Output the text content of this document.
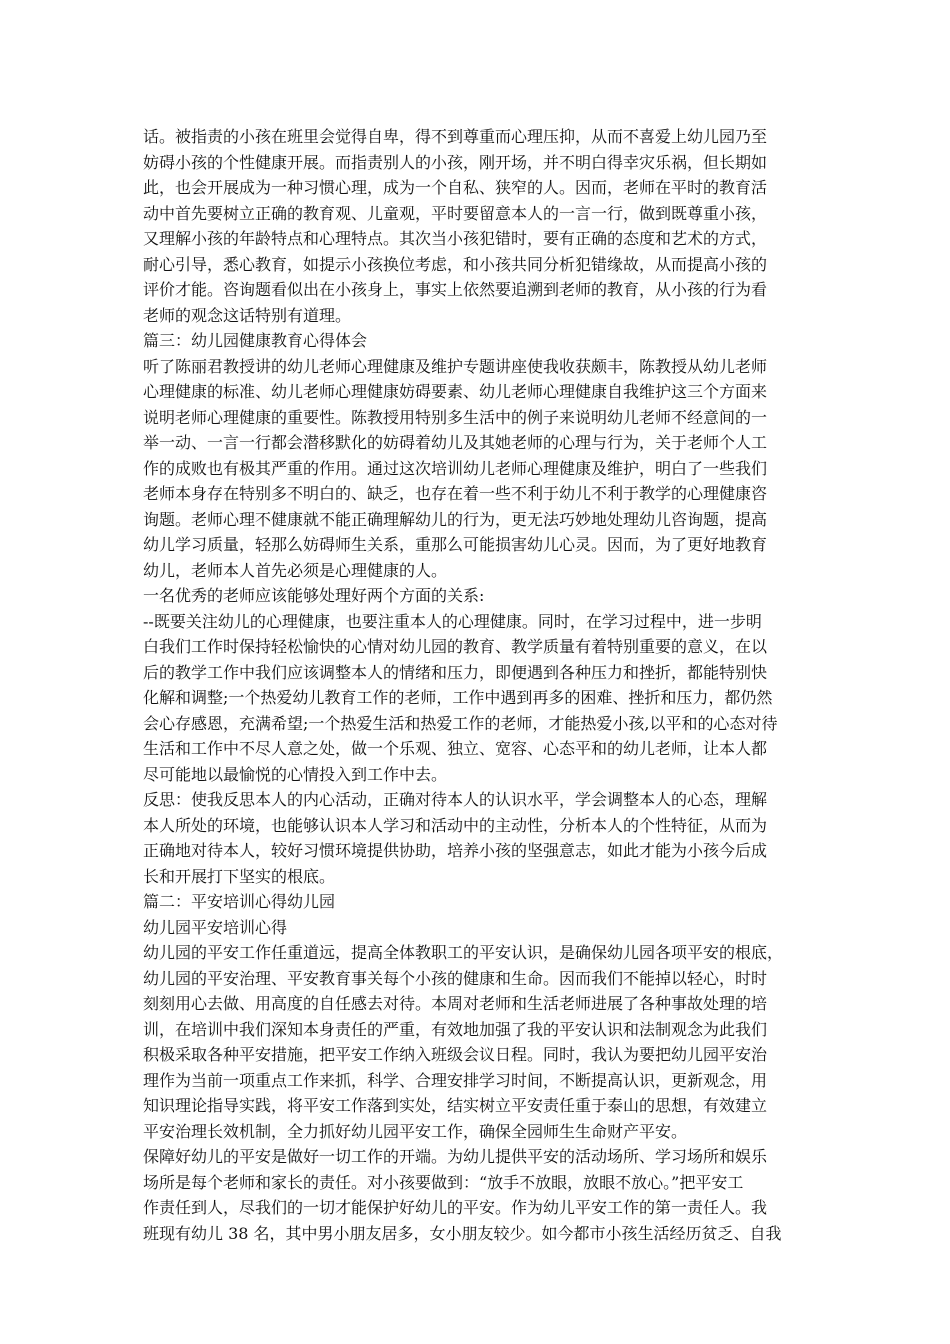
话。被指责的小孩在班里会觉得自卑，得不到尊重而心理压抑，从而不喜爱上幼儿园乃至
妨碍小孩的个性健康开展。而指责别人的小孩，刚开场，并不明白得幸灾乐祸，但长期如
此，也会开展成为一种习惯心理，成为一个自私、狭窄的人。因而，老师在平时的教育活
动中首先要树立正确的教育观、儿童观，平时要留意本人的一言一行，做到既尊重小孩，
又理解小孩的年龄特点和心理特点。其次当小孩犯错时，要有正确的态度和艺术的方式，
耐心引导，悉心教育，如提示小孩换位考虑，和小孩共同分析犯错缘故，从而提高小孩的
评价才能。咨询题看似出在小孩身上，事实上依然要追溯到老师的教育，从小孩的行为看
老师的观念这话特别有道理。
篇三：幼儿园健康教育心得体会
听了陈丽君教授讲的幼儿老师心理健康及维护专题讲座使我收获颇丰，陈教授从幼儿老师
心理健康的标准、幼儿老师心理健康妨碍要素、幼儿老师心理健康自我维护这三个方面来
说明老师心理健康的重要性。陈教授用特别多生活中的例子来说明幼儿老师不经意间的一
举一动、一言一行都会潜移默化的妨碍着幼儿及其她老师的心理与行为，关于老师个人工
作的成败也有极其严重的作用。通过这次培训幼儿老师心理健康及维护，明白了一些我们
老师本身存在特别多不明白的、缺乏，也存在着一些不利于幼儿不利于教学的心理健康咨
询题。老师心理不健康就不能正确理解幼儿的行为，更无法巧妙地处理幼儿咨询题，提高
幼儿学习质量，轻那么妨碍师生关系，重那么可能损害幼儿心灵。因而，为了更好地教育
幼儿，老师本人首先必须是心理健康的人。
一名优秀的老师应该能够处理好两个方面的关系:
--既要关注幼儿的心理健康，也要注重本人的心理健康。同时，在学习过程中，进一步明
白我们工作时保持轻松愉快的心情对幼儿园的教育、教学质量有着特别重要的意义，在以
后的教学工作中我们应该调整本人的情绪和压力，即便遇到各种压力和挫折，都能特别快
化解和调整;一个热爱幼儿教育工作的老师，工作中遇到再多的困难、挫折和压力，都仍然
会心存感恩，充满希望;一个热爱生活和热爱工作的老师，才能热爱小孩,以平和的心态对待
生活和工作中不尽人意之处，做一个乐观、独立、宽容、心态平和的幼儿老师，让本人都
尽可能地以最愉悦的心情投入到工作中去。
反思：使我反思本人的内心活动，正确对待本人的认识水平，学会调整本人的心态，理解
本人所处的环境，也能够认识本人学习和活动中的主动性，分析本人的个性特征，从而为
正确地对待本人，较好习惯环境提供协助，培养小孩的坚强意志，如此才能为小孩今后成
长和开展打下坚实的根底。
篇二：平安培训心得幼儿园
幼儿园平安培训心得
幼儿园的平安工作任重道远，提高全体教职工的平安认识，是确保幼儿园各项平安的根底，
幼儿园的平安治理、平安教育事关每个小孩的健康和生命。因而我们不能掉以轻心，时时
刻刻用心去做、用高度的自任感去对待。本周对老师和生活老师进展了各种事故处理的培
训，在培训中我们深知本身责任的严重，有效地加强了我的平安认识和法制观念为此我们
积极采取各种平安措施，把平安工作纳入班级会议日程。同时，我认为要把幼儿园平安治
理作为当前一项重点工作来抓，科学、合理安排学习时间，不断提高认识，更新观念，用
知识理论指导实践，将平安工作落到实处，结实树立平安责任重于泰山的思想，有效建立
平安治理长效机制，全力抓好幼儿园平安工作，确保全园师生生命财产平安。
保障好幼儿的平安是做好一切工作的开端。为幼儿提供平安的活动场所、学习场所和娱乐
场所是每个老师和家长的责任。对小孩要做到：“放手不放眼，放眼不放心。”把平安工
作责任到人，尽我们的一切才能保护好幼儿的平安。作为幼儿平安工作的第一责任人。我
班现有幼儿 38 名，其中男小朋友居多，女小朋友较少。如今都市小孩生活经历贫乏、自我
